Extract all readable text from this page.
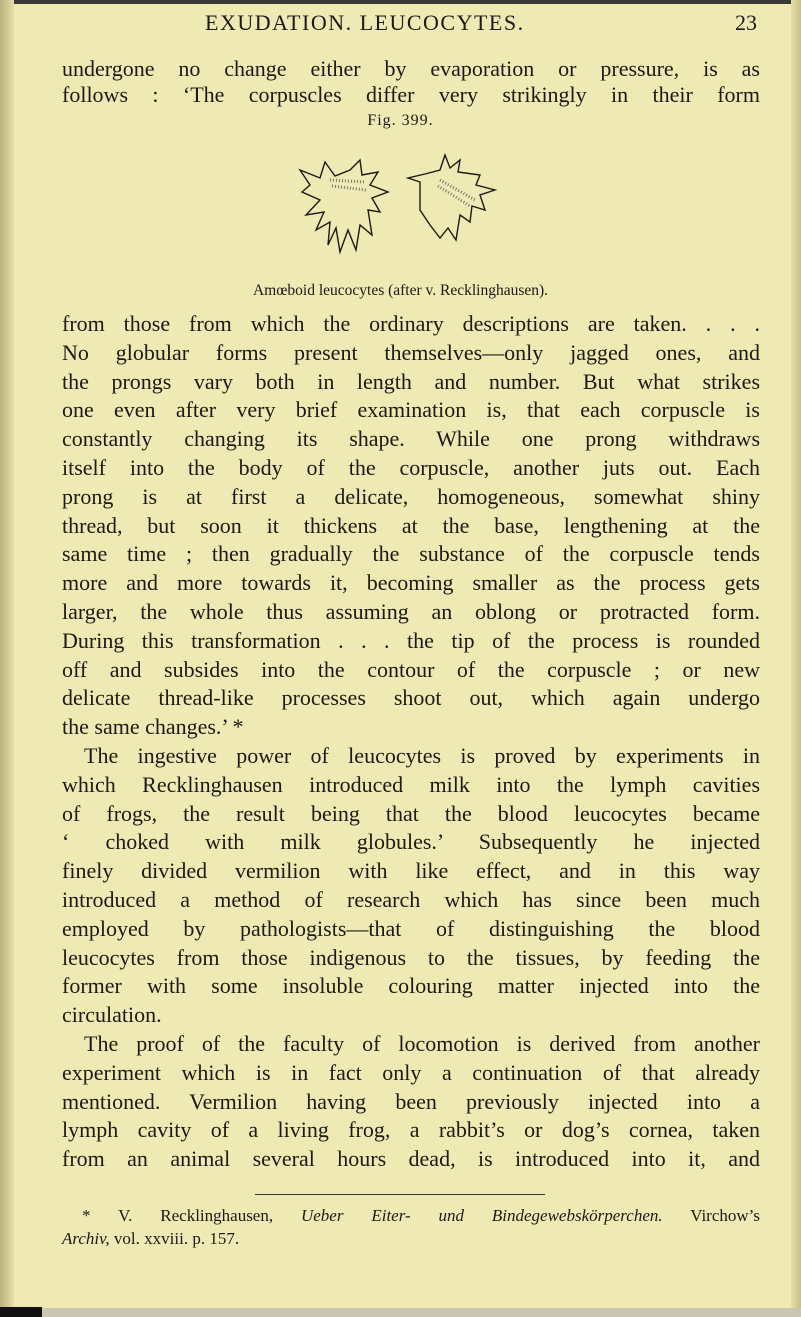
EXUDATION. LEUCOCYTES.	23
undergone no change either by evaporation or pressure, is as
follows : ‘The corpuscles differ very strikingly in their form
Fig. 399.
Amœboid leucocytes (after v. Recklinghausen).
from those from which the ordinary descriptions are taken. . . .
No globular forms present themselves—only jagged ones, and
the prongs vary both in length and number. But what strikes
one even after very brief examination is, that each corpuscle is
constantly changing its shape. While one prong withdraws
itself into the body of the corpuscle, another juts out. Each
prong is at first a delicate, homogeneous, somewhat shiny
thread, but soon it thickens at the base, lengthening at the
same time ; then gradually the substance of the corpuscle tends
more and more towards it, becoming smaller as the process gets
larger, the whole thus assuming an oblong or protracted form.
During this transformation . . . the tip of the process is rounded
off and subsides into the contour of the corpuscle ; or new
delicate thread-like processes shoot out, which again undergo
the same changes.’ *
The ingestive power of leucocytes is proved by experiments in
which Recklinghausen introduced milk into the lymph cavities
of frogs, the result being that the blood leucocytes became
‘ choked with milk globules.’ Subsequently he injected
finely divided vermilion with like effect, and in this way
introduced a method of research which has since been much
employed by pathologists—that of distinguishing the blood
leucocytes from those indigenous to the tissues, by feeding the
former with some insoluble colouring matter injected into the
circulation.
The proof of the faculty of locomotion is derived from another
experiment which is in fact only a continuation of that already
mentioned. Vermilion having been previously injected into a
lymph cavity of a living frog, a rabbit’s or dog’s cornea, taken
from an animal several hours dead, is introduced into it, and
* V. Recklinghausen, Ueber Eiter- und Bindegewebskörperchen. Virchow’s
Archiv, vol. xxviii. p. 157.
